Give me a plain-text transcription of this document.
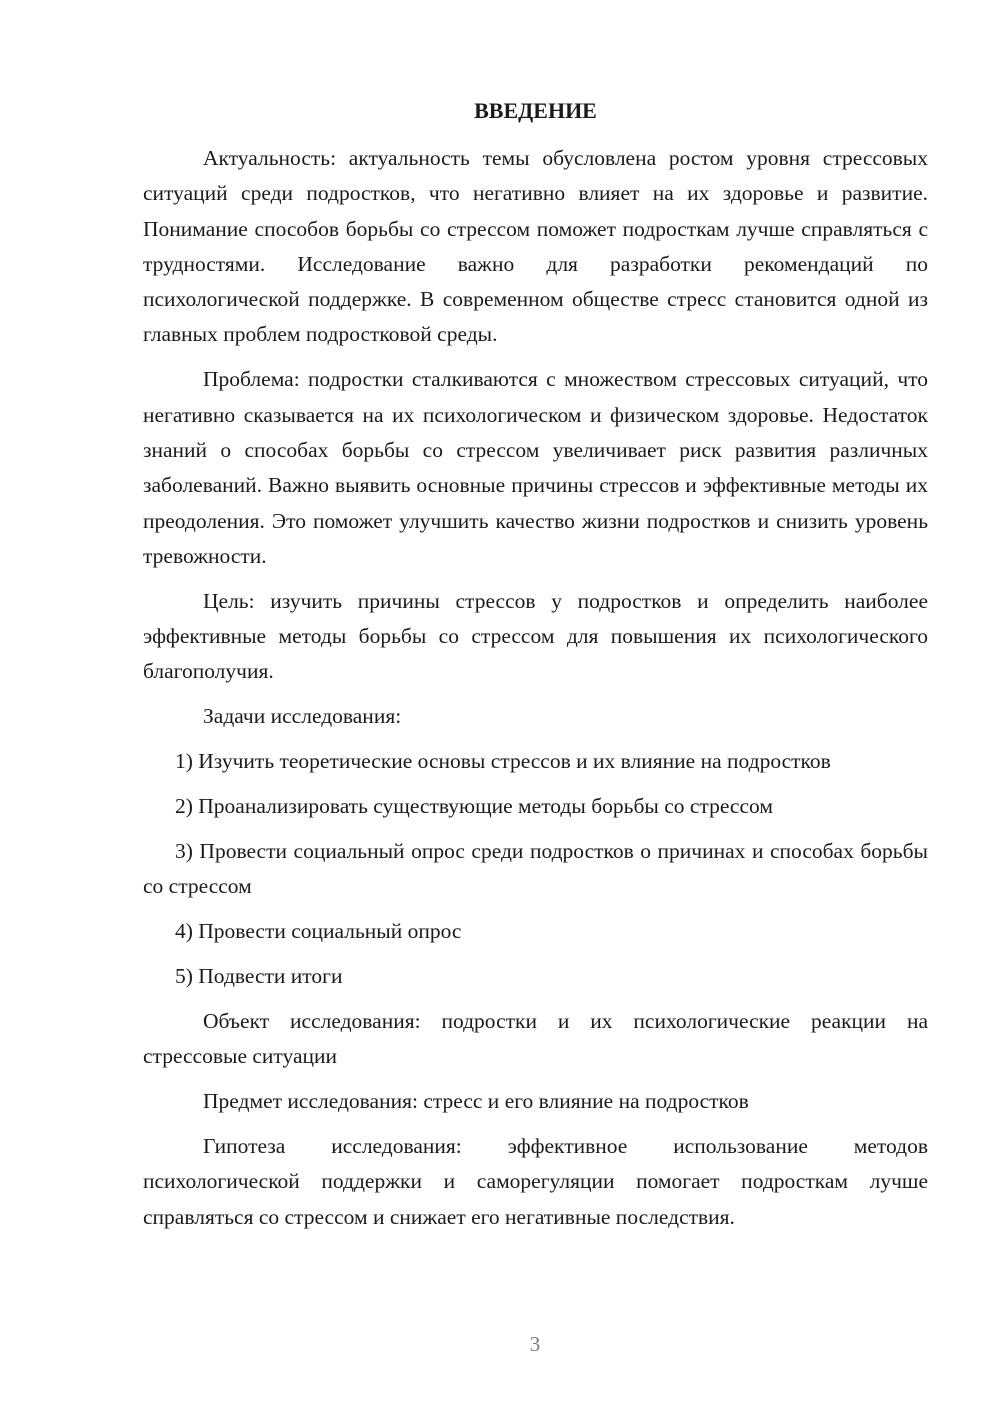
ВВЕДЕНИЕ

Актуальность: актуальность темы обусловлена ростом уровня стрессовых ситуаций среди подростков, что негативно влияет на их здоровье и развитие. Понимание способов борьбы со стрессом поможет подросткам лучше справляться с трудностями. Исследование важно для разработки рекомендаций по психологической поддержке. В современном обществе стресс становится одной из главных проблем подростковой среды.

Проблема: подростки сталкиваются с множеством стрессовых ситуаций, что негативно сказывается на их психологическом и физическом здоровье. Недостаток знаний о способах борьбы со стрессом увеличивает риск развития различных заболеваний. Важно выявить основные причины стрессов и эффективные методы их преодоления. Это поможет улучшить качество жизни подростков и снизить уровень тревожности.

Цель: изучить причины стрессов у подростков и определить наиболее эффективные методы борьбы со стрессом для повышения их психологического благополучия.

Задачи исследования:

1) Изучить теоретические основы стрессов и их влияние на подростков

2) Проанализировать существующие методы борьбы со стрессом

3) Провести социальный опрос среди подростков о причинах и способах борьбы со стрессом

4) Провести социальный опрос

5) Подвести итоги

Объект исследования: подростки и их психологические реакции на стрессовые ситуации

Предмет исследования: стресс и его влияние на подростков

Гипотеза исследования: эффективное использование методов психологической поддержки и саморегуляции помогает подросткам лучше справляться со стрессом и снижает его негативные последствия.

3
